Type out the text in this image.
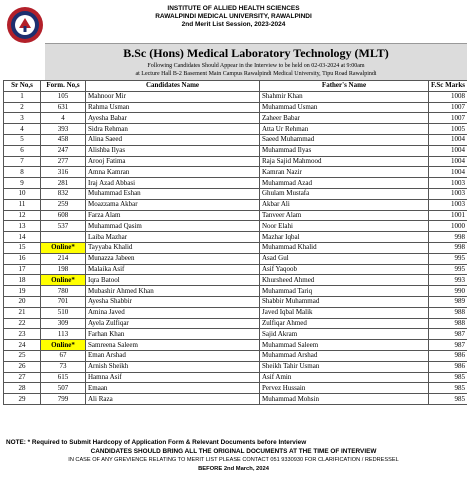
INSTITUTE OF ALLIED HEALTH SCIENCES
RAWALPINDI MEDICAL UNIVERSITY, RAWALPINDI
2nd Merit List Session, 2023-2024
B.Sc (Hons) Medical Laboratory Technology (MLT)
Following Candidates Should Appear in the Interview to be held on 02-03-2024 at 9:00am
at Lecture Hall B-2 Basement Main Campus Rawalpindi Medical University, Tipu Road Rawalpindi
Sr No,s	Form. No,s	Candidates Name	Father's Name	F.Sc Marks
1	105	Mahnoor Mir	Shahmir Khan	1008
2	631	Rahma Usman	Muhammad Usman	1007
3	4	Ayesha Babar	Zaheer Babar	1007
4	393	Sidra Rehman	Atta Ur Rehman	1005
5	458	Alina Saeed	Saeed Muhammad	1004
6	247	Alishba Ilyas	Muhammad Ilyas	1004
7	277	Arooj Fatima	Raja Sajid Mahmood	1004
8	316	Amna Kamran	Kamran Nazir	1004
9	281	Iraj Azad Abbasi	Muhammad Azad	1003
10	832	Muhammad Eshan	Ghulam Mustafa	1003
11	259	Moazzama Akbar	Akbar Ali	1003
12	608	Farza Alam	Tanveer Alam	1001
13	537	Muhammad Qasim	Noor Elahi	1000
14		Laiba Mazhar	Mazhar Iqbal	998
15	Online*	Tayyaba Khalid	Muhammad Khalid	998
16	214	Munazza Jabeen	Asad Gul	995
17	198	Malaika Asif	Asif Yaqoob	995
18	Online*	Iqra Batool	Khursheed Ahmed	993
19	780	Mubashir Ahmed Khan	Muhammad Tariq	990
20	701	Ayesha Shabbir	Shabbir Muhammad	989
21	510	Amina Javed	Javed Iqbal Malik	988
22	309	Ayela Zulfiqar	Zulfiqar Ahmed	988
23	113	Farhan Khan	Sajid Akram	987
24	Online*	Samreena Saleem	Muhammad Saleem	987
25	67	Eman Arshad	Muhammad Arshad	986
26	73	Arnish Sheikh	Sheikh Tahir Usman	986
27	615	Hamna Asif	Asif Amin	985
28	507	Emaan	Pervez Hussain	985
29	799	Ali Raza	Muhammad Mohsin	985
NOTE: * Required to Submit Hardcopy of Application Form & Relevant Documents before Interview
CANDIDATES SHOULD BRING ALL THE ORIGINAL DOCUMENTS AT THE TIME OF INTERVIEW
IN CASE OF ANY GREVIENCE RELATING TO MERIT LIST PLEASE CONTACT 051 9330930 FOR CLARIFICATION / REDRESSEL
BEFORE 2nd March, 2024
